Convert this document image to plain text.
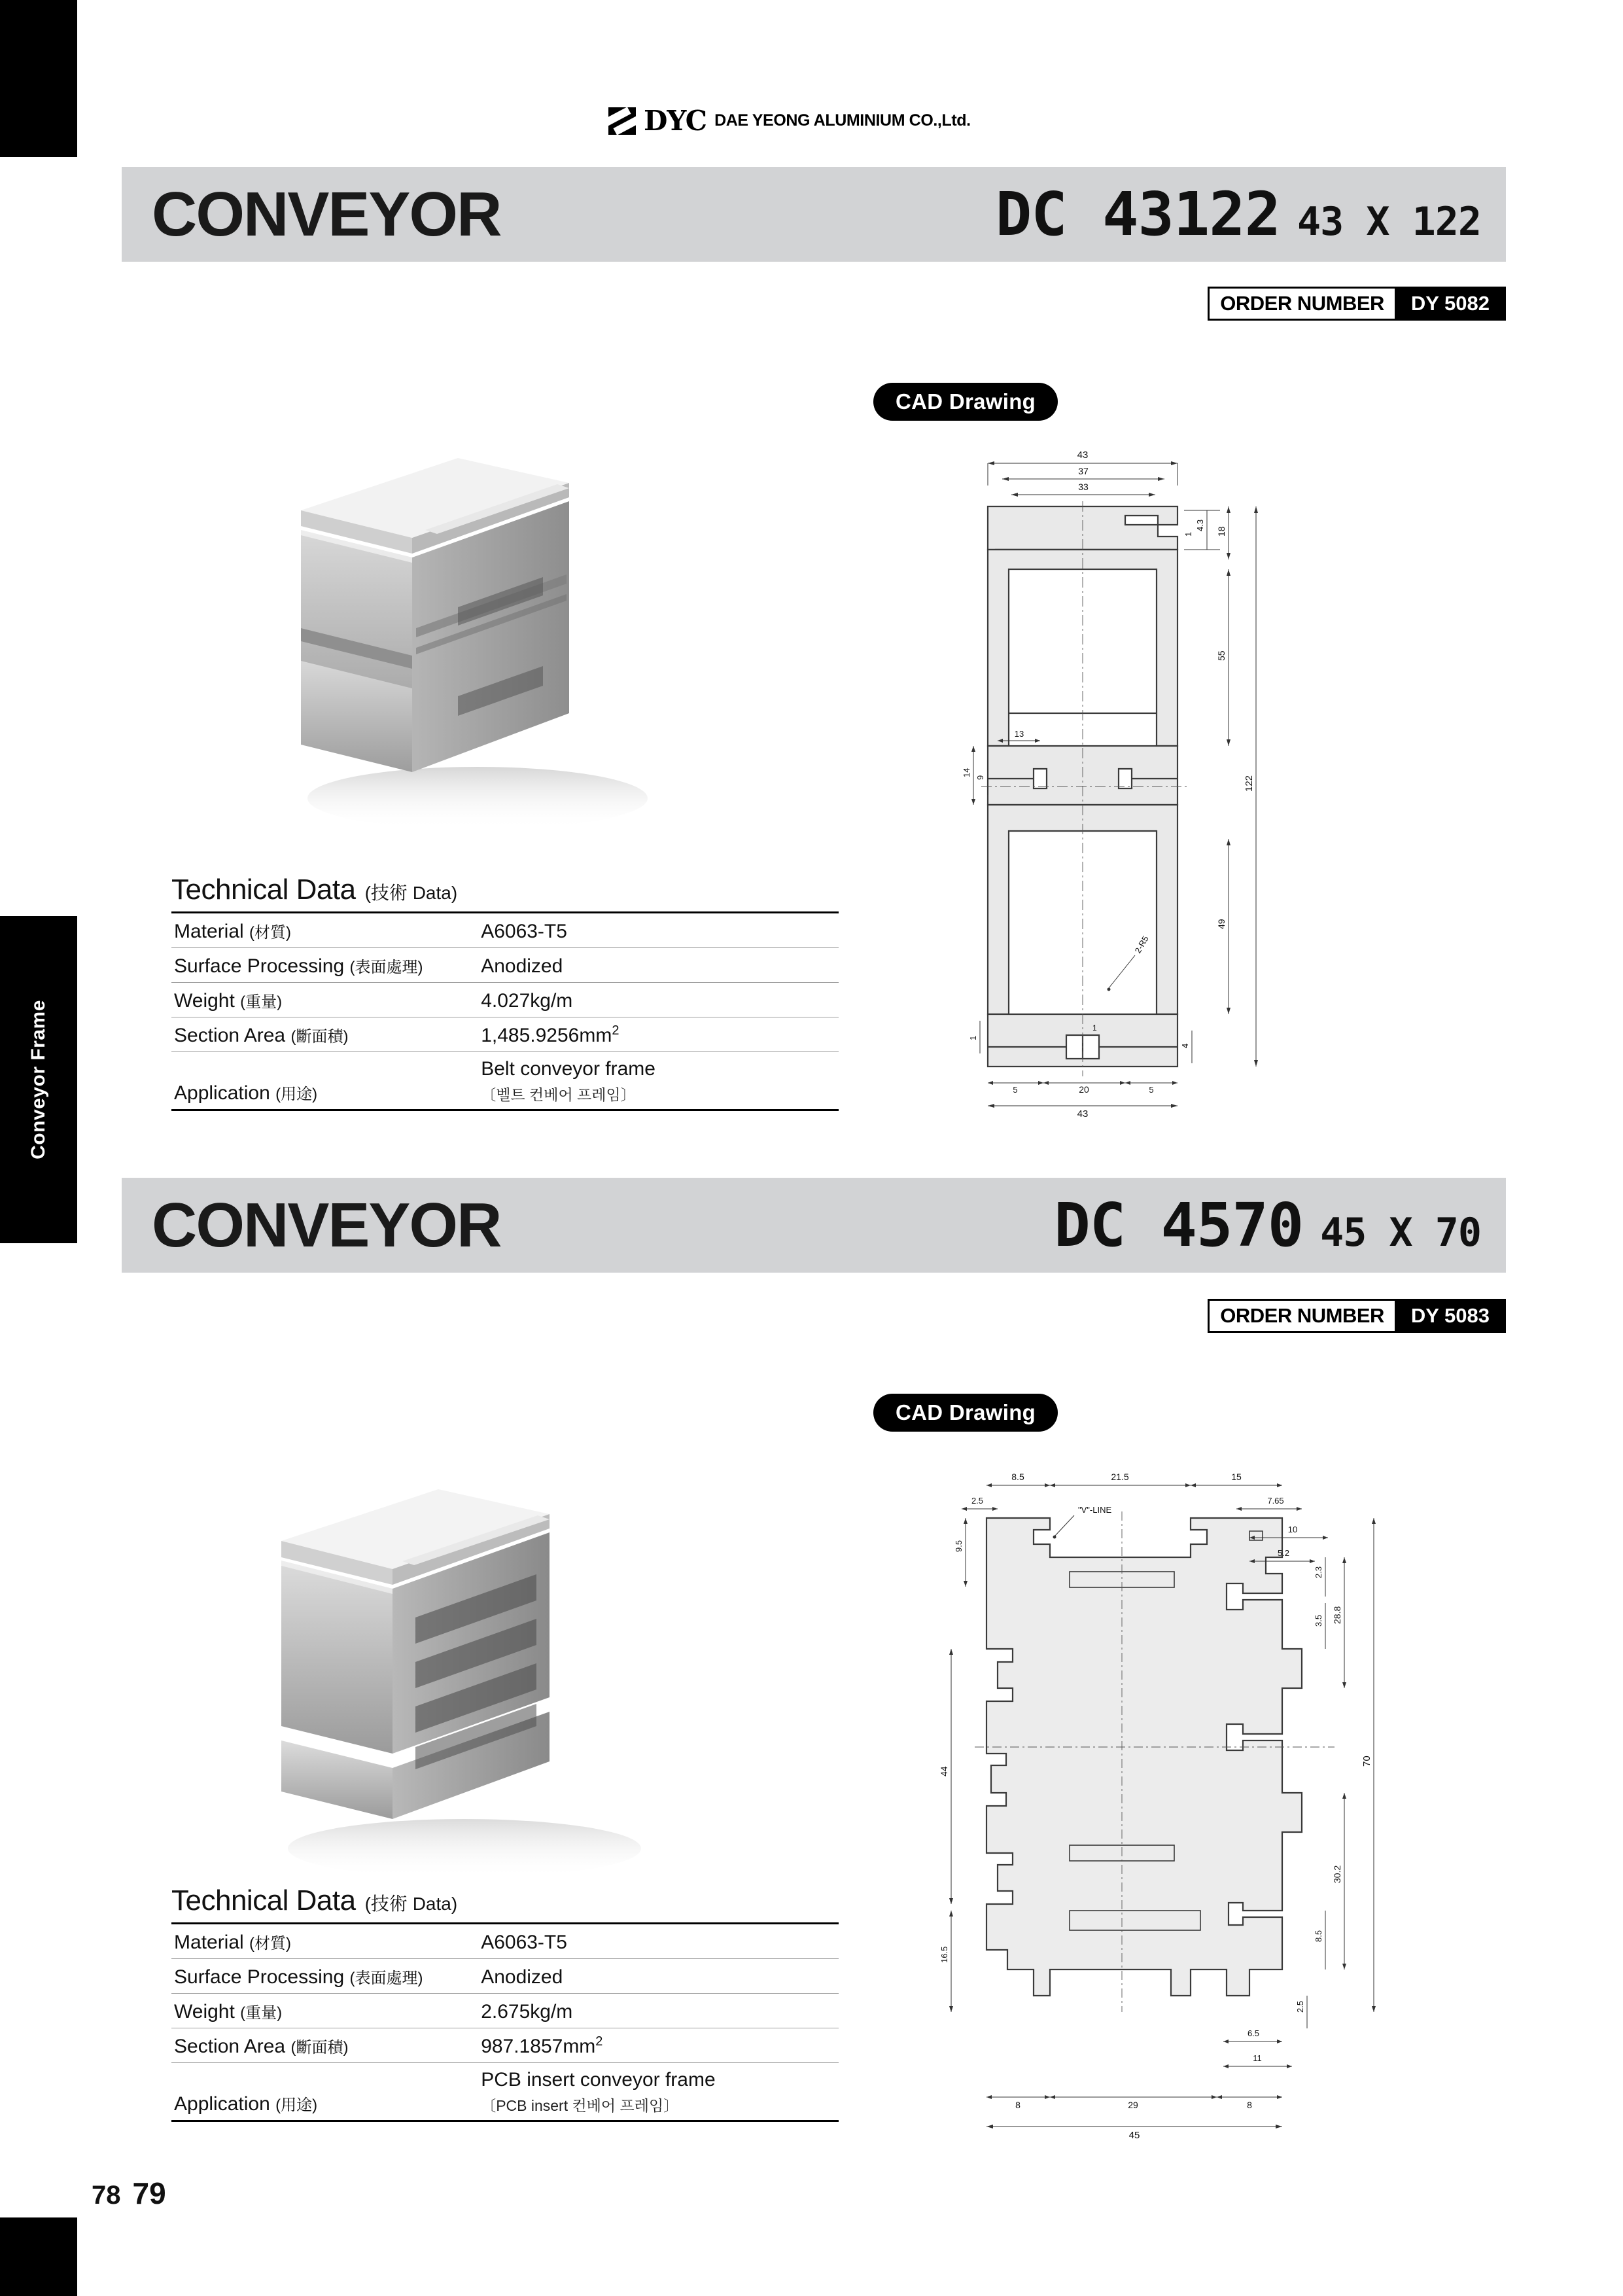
Conveyor Frame
DYC DAE YEONG ALUMINIUM CO.,Ltd.
CONVEYOR	DC 43122 43 X 122
ORDER NUMBER	DY 5082
CAD Drawing
Technical Data (技術 Data)
Material (材質)	A6063-T5
Surface Processing (表面處理)	Anodized
Weight (重量)	4.027kg/m
Section Area (斷面積)	$1,485.9256mm^2$
Application (用途)	Belt conveyor frame
〔벨트 컨베어 프레임〕
43
37
33
4.3
1	18
55
122
49
4
13
14
9
1
2-R5
1
5	20	5
43
CONVEYOR	DC 4570 45 X 70
ORDER NUMBER	DY 5083
CAD Drawing
Technical Data (技術 Data)
Material (材質)	A6063-T5
Surface Processing (表面處理)	Anodized
Weight (重量)	2.675kg/m
Section Area (斷面積)	$987.1857mm^2$
Application (用途)	PCB insert conveyor frame
〔PCB insert 컨베어 프레임〕
8.5	21.5	15
2.5	7.65
"V"-LINE
9.5
44
16.5
10
5.2
2.3
3.5 28.8
70
30.2
8.5
2.5
6.5
11
8	29	8
45
78 79
